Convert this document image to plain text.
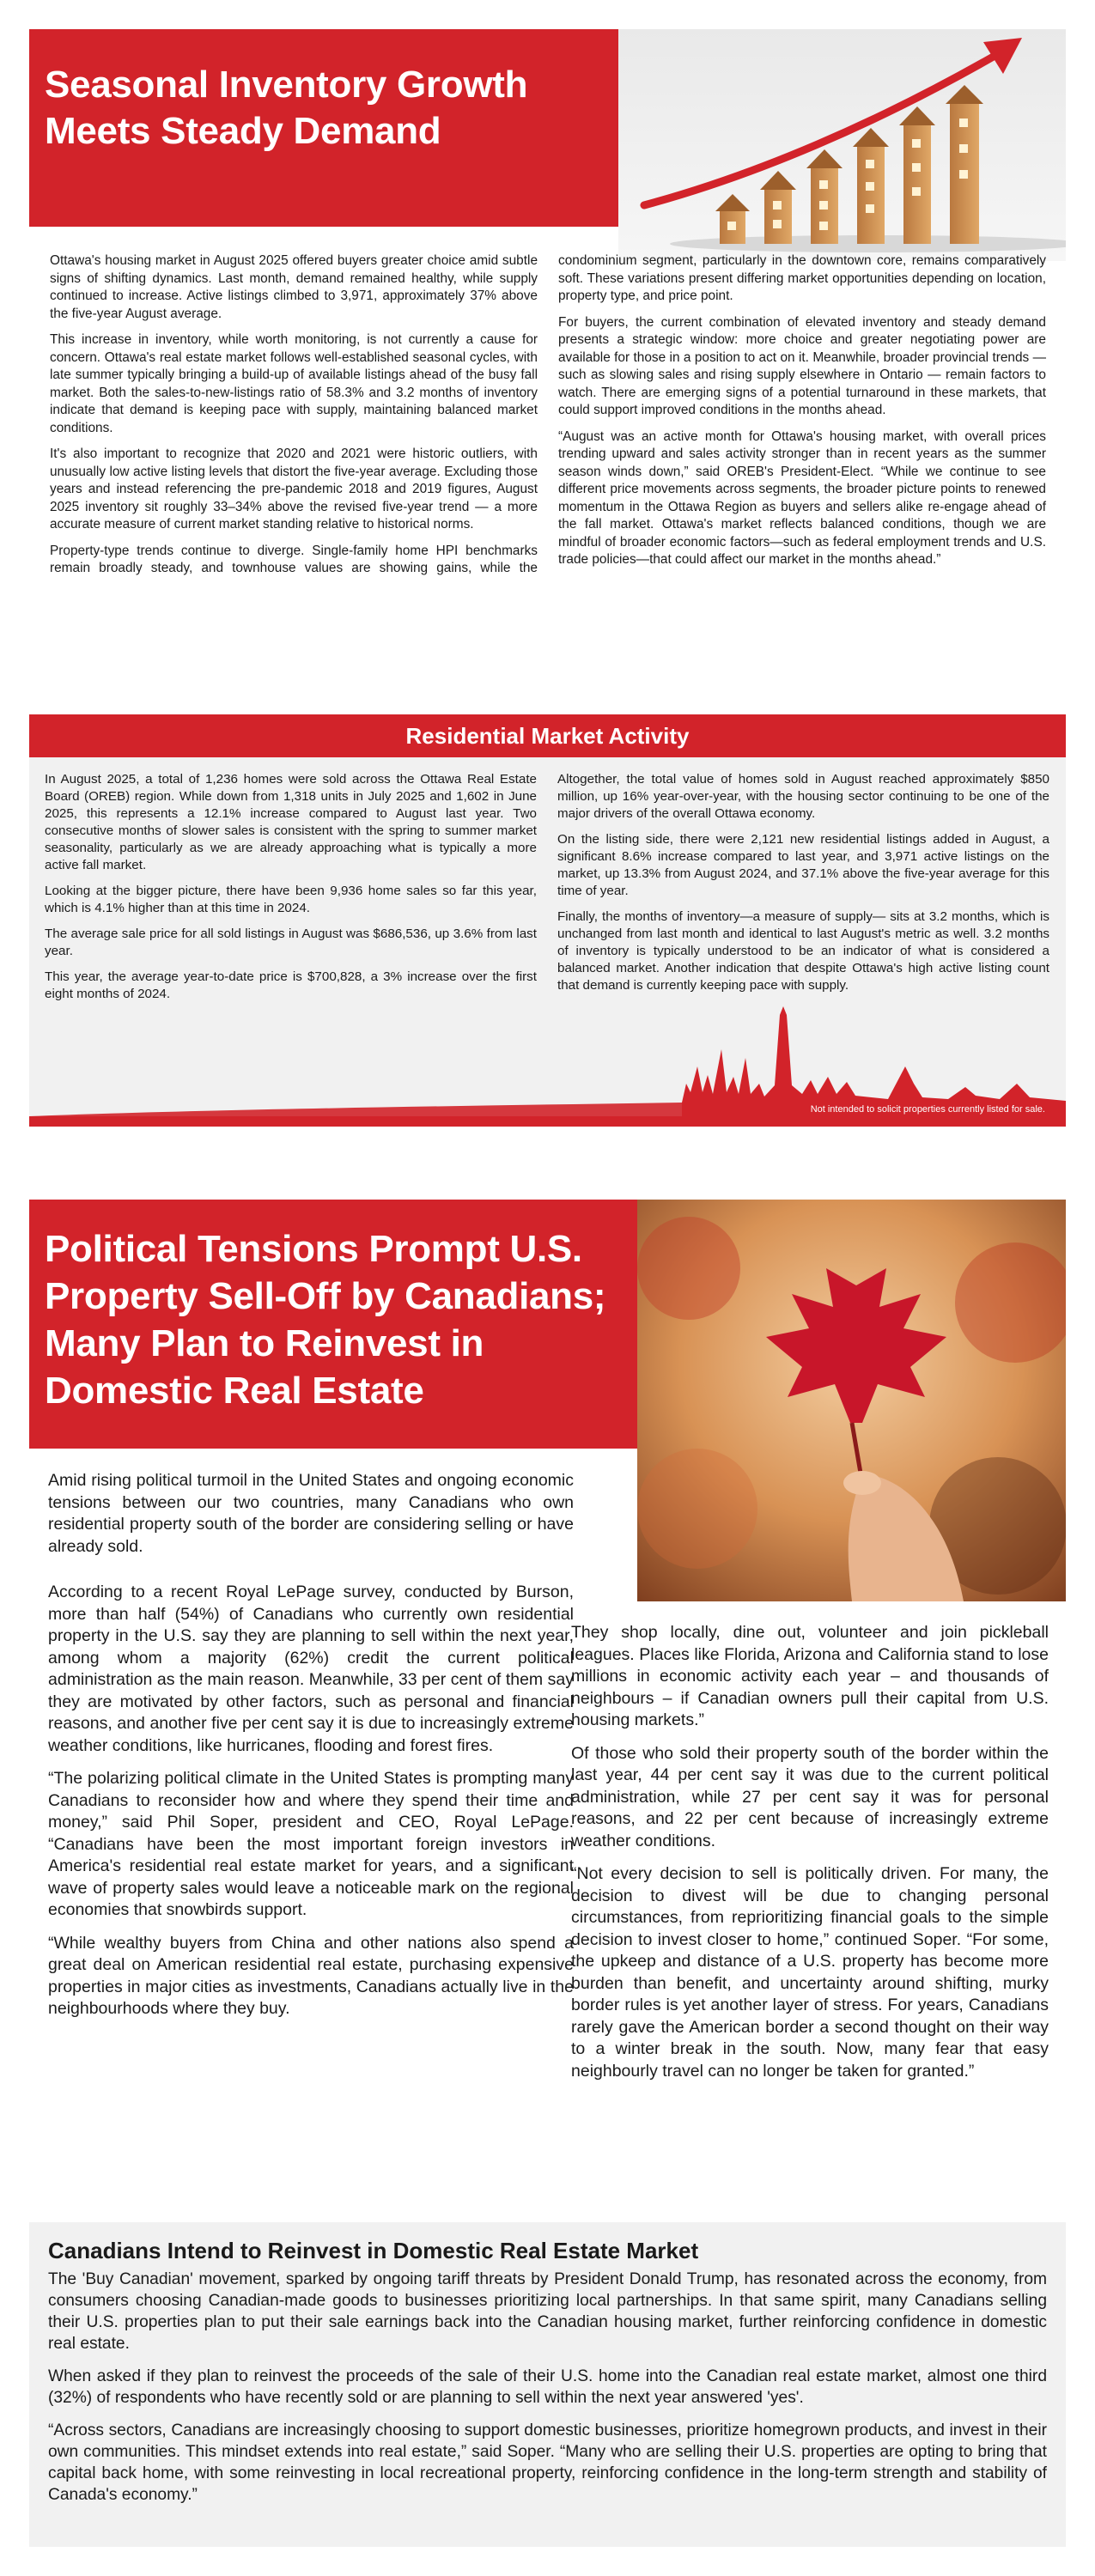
Seasonal Inventory Growth
Meets Steady Demand

Ottawa's housing market in August 2025 offered buyers greater choice amid subtle signs of shifting dynamics. Last month, demand remained healthy, while supply continued to increase. Active listings climbed to 3,971, approximately 37% above the five-year August average.

This increase in inventory, while worth monitoring, is not currently a cause for concern. Ottawa's real estate market follows well-established seasonal cycles, with late summer typically bringing a build-up of available listings ahead of the busy fall market. Both the sales-to-new-listings ratio of 58.3% and 3.2 months of inventory indicate that demand is keeping pace with supply, maintaining balanced market conditions.

It's also important to recognize that 2020 and 2021 were historic outliers, with unusually low active listing levels that distort the five-year average. Excluding those years and instead referencing the pre-pandemic 2018 and 2019 figures, August 2025 inventory sit roughly 33–34% above the revised five-year trend — a more accurate measure of current market standing relative to historical norms.

Property-type trends continue to diverge. Single-family home HPI benchmarks remain broadly steady, and townhouse values are showing gains, while the condominium segment, particularly in the downtown core, remains comparatively soft. These variations present differing market opportunities depending on location, property type, and price point.

For buyers, the current combination of elevated inventory and steady demand presents a strategic window: more choice and greater negotiating power are available for those in a position to act on it. Meanwhile, broader provincial trends — such as slowing sales and rising supply elsewhere in Ontario — remain factors to watch. There are emerging signs of a potential turnaround in these markets, that could support improved conditions in the months ahead.

“August was an active month for Ottawa's housing market, with overall prices trending upward and sales activity stronger than in recent years as the summer season winds down,” said OREB's President-Elect. “While we continue to see different price movements across segments, the broader picture points to renewed momentum in the Ottawa Region as buyers and sellers alike re-engage ahead of the fall market. Ottawa's market reflects balanced conditions, though we are mindful of broader economic factors—such as federal employment trends and U.S. trade policies—that could affect our market in the months ahead.”

Residential Market Activity

In August 2025, a total of 1,236 homes were sold across the Ottawa Real Estate Board (OREB) region. While down from 1,318 units in July 2025 and 1,602 in June 2025, this represents a 12.1% increase compared to August last year. Two consecutive months of slower sales is consistent with the spring to summer market seasonality, particularly as we are already approaching what is typically a more active fall market.

Looking at the bigger picture, there have been 9,936 home sales so far this year, which is 4.1% higher than at this time in 2024.

The average sale price for all sold listings in August was $686,536, up 3.6% from last year.

This year, the average year-to-date price is $700,828, a 3% increase over the first eight months of 2024.

Altogether, the total value of homes sold in August reached approximately $850 million, up 16% year-over-year, with the housing sector continuing to be one of the major drivers of the overall Ottawa economy.

On the listing side, there were 2,121 new residential listings added in August, a significant 8.6% increase compared to last year, and 3,971 active listings on the market, up 13.3% from August 2024, and 37.1% above the five-year average for this time of year.

Finally, the months of inventory—a measure of supply— sits at 3.2 months, which is unchanged from last month and identical to last August's metric as well. 3.2 months of inventory is typically understood to be an indicator of what is considered a balanced market. Another indication that despite Ottawa's high active listing count that demand is currently keeping pace with supply.

Not intended to solicit properties currently listed for sale.
Political Tensions Prompt U.S.
Property Sell-Off by Canadians;
Many Plan to Reinvest in
Domestic Real Estate

Amid rising political turmoil in the United States and ongoing economic tensions between our two countries, many Canadians who own residential property south of the border are considering selling or have already sold.

According to a recent Royal LePage survey, conducted by Burson, more than half (54%) of Canadians who currently own residential property in the U.S. say they are planning to sell within the next year, among whom a majority (62%) credit the current political administration as the main reason. Meanwhile, 33 per cent of them say they are motivated by other factors, such as personal and financial reasons, and another five per cent say it is due to increasingly extreme weather conditions, like hurricanes, flooding and forest fires.

“The polarizing political climate in the United States is prompting many Canadians to reconsider how and where they spend their time and money,” said Phil Soper, president and CEO, Royal LePage. “Canadians have been the most important foreign investors in America's residential real estate market for years, and a significant wave of property sales would leave a noticeable mark on the regional economies that snowbirds support.

“While wealthy buyers from China and other nations also spend a great deal on American residential real estate, purchasing expensive properties in major cities as investments, Canadians actually live in the neighbourhoods where they buy.

They shop locally, dine out, volunteer and join pickleball leagues. Places like Florida, Arizona and California stand to lose millions in economic activity each year – and thousands of neighbours – if Canadian owners pull their capital from U.S. housing markets.”

Of those who sold their property south of the border within the last year, 44 per cent say it was due to the current political administration, while 27 per cent say it was for personal reasons, and 22 per cent because of increasingly extreme weather conditions.

“Not every decision to sell is politically driven. For many, the decision to divest will be due to changing personal circumstances, from reprioritizing financial goals to the simple decision to invest closer to home,” continued Soper. “For some, the upkeep and distance of a U.S. property has become more burden than benefit, and uncertainty around shifting, murky border rules is yet another layer of stress. For years, Canadians rarely gave the American border a second thought on their way to a winter break in the south. Now, many fear that easy neighbourly travel can no longer be taken for granted.”

Canadians Intend to Reinvest in Domestic Real Estate Market

The 'Buy Canadian' movement, sparked by ongoing tariff threats by President Donald Trump, has resonated across the economy, from consumers choosing Canadian-made goods to businesses prioritizing local partnerships. In that same spirit, many Canadians selling their U.S. properties plan to put their sale earnings back into the Canadian housing market, further reinforcing confidence in domestic real estate.

When asked if they plan to reinvest the proceeds of the sale of their U.S. home into the Canadian real estate market, almost one third (32%) of respondents who have recently sold or are planning to sell within the next year answered 'yes'.

“Across sectors, Canadians are increasingly choosing to support domestic businesses, prioritize homegrown products, and invest in their own communities. This mindset extends into real estate,” said Soper. “Many who are selling their U.S. properties are opting to bring that capital back home, with some reinvesting in local recreational property, reinforcing confidence in the long-term strength and stability of Canada's economy.”
